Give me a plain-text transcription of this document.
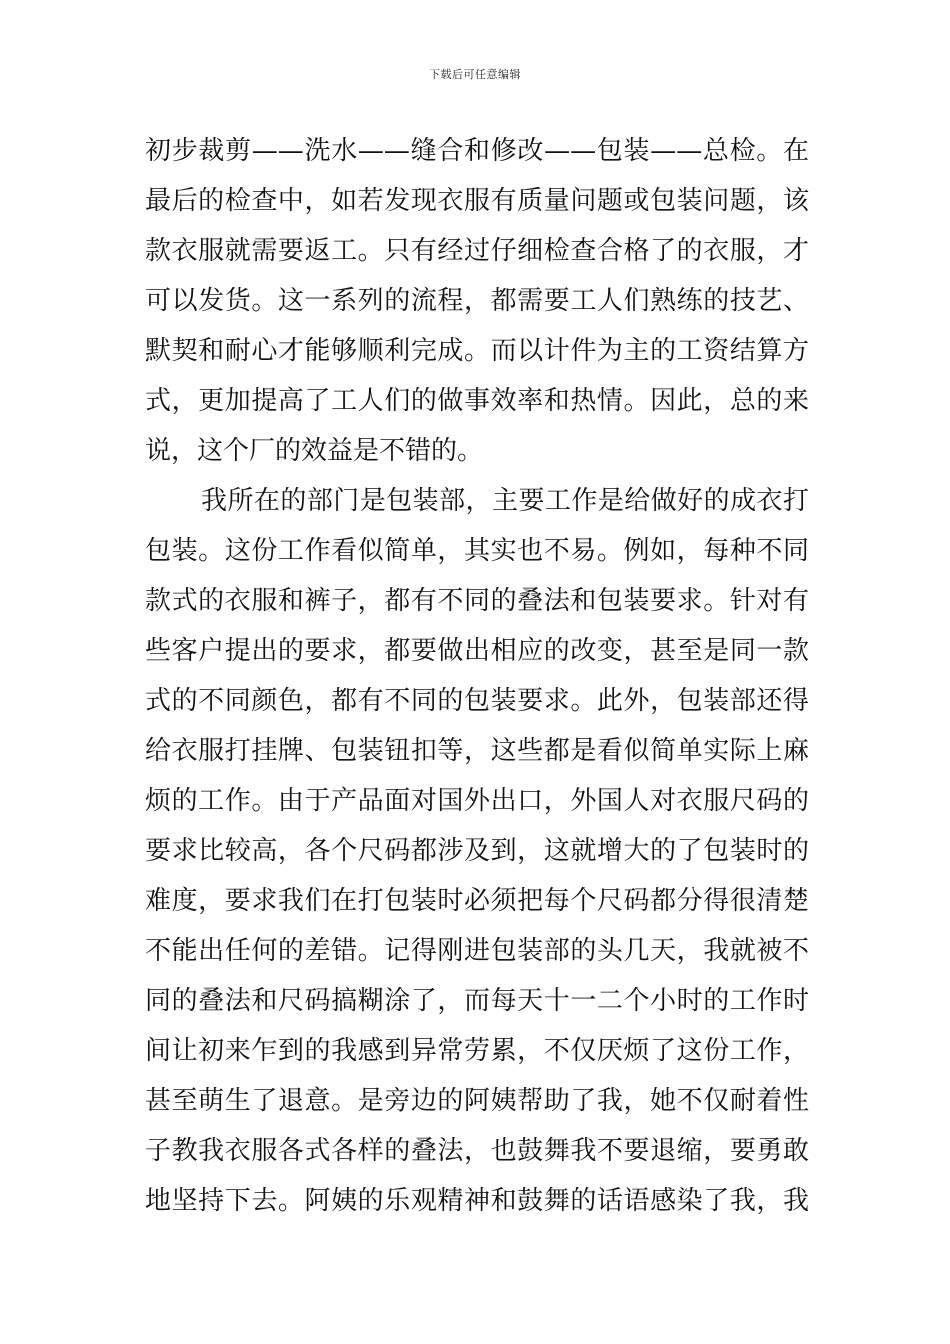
下载后可任意编辑
初步裁剪——洗水——缝合和修改——包装——总检。在
最后的检查中，如若发现衣服有质量问题或包装问题，该
款衣服就需要返工。只有经过仔细检查合格了的衣服，才
可以发货。这一系列的流程，都需要工人们熟练的技艺、
默契和耐心才能够顺利完成。而以计件为主的工资结算方
式，更加提高了工人们的做事效率和热情。因此，总的来
说，这个厂的效益是不错的。
我所在的部门是包装部，主要工作是给做好的成衣打
包装。这份工作看似简单，其实也不易。例如，每种不同
款式的衣服和裤子，都有不同的叠法和包装要求。针对有
些客户提出的要求，都要做出相应的改变，甚至是同一款
式的不同颜色，都有不同的包装要求。此外，包装部还得
给衣服打挂牌、包装钮扣等，这些都是看似简单实际上麻
烦的工作。由于产品面对国外出口，外国人对衣服尺码的
要求比较高，各个尺码都涉及到，这就增大的了包装时的
难度，要求我们在打包装时必须把每个尺码都分得很清楚
不能出任何的差错。记得刚进包装部的头几天，我就被不
同的叠法和尺码搞糊涂了，而每天十一二个小时的工作时
间让初来乍到的我感到异常劳累，不仅厌烦了这份工作，
甚至萌生了退意。是旁边的阿姨帮助了我，她不仅耐着性
子教我衣服各式各样的叠法，也鼓舞我不要退缩，要勇敢
地坚持下去。阿姨的乐观精神和鼓舞的话语感染了我，我
